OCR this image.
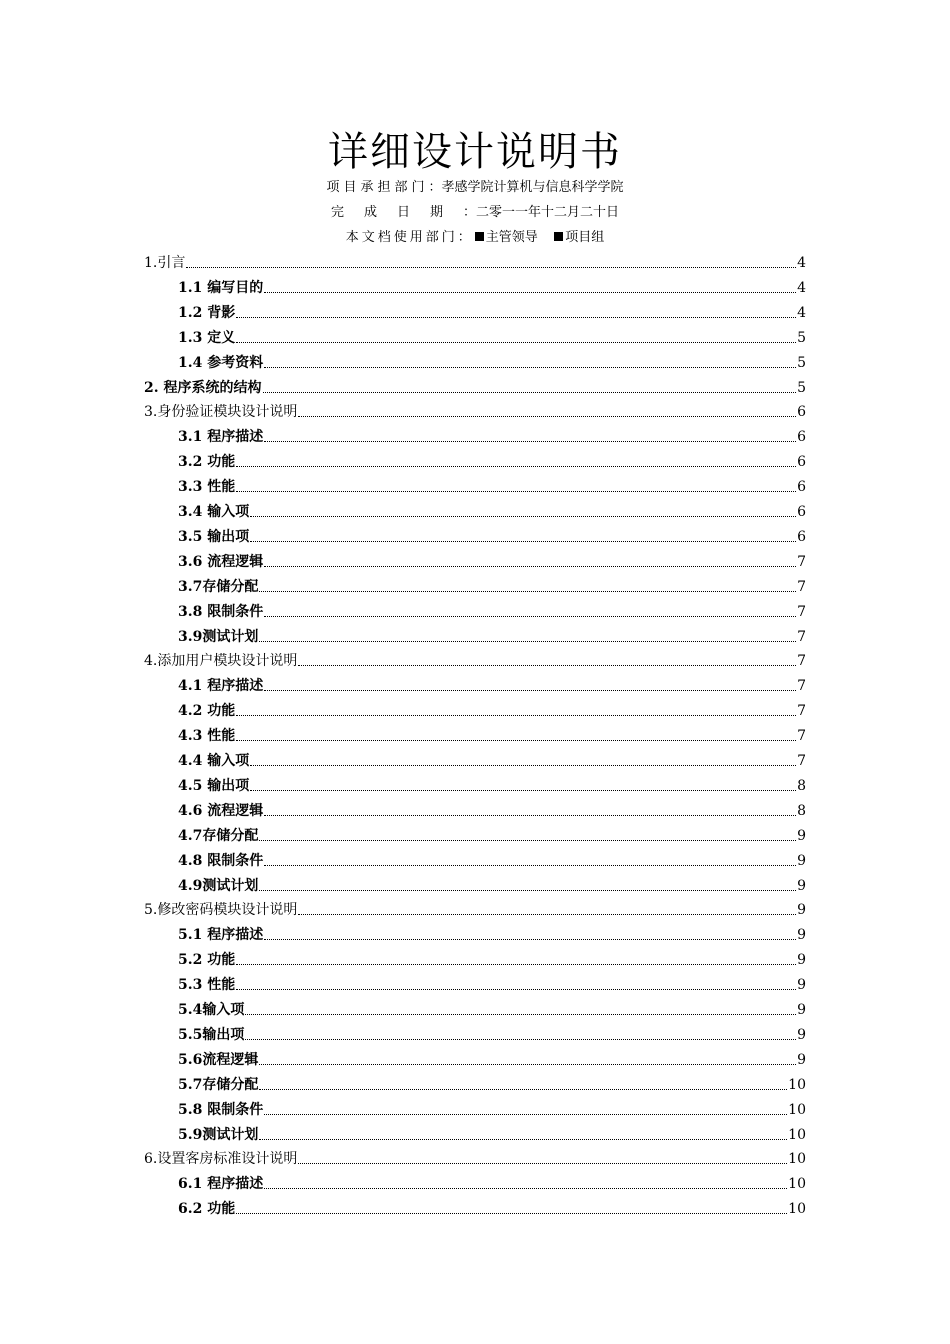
详细设计说明书
项目承担部门：孝感学院计算机与信息科学学院
完成日期：二零一一年十二月二十日
本文档使用部门： 主管领导 项目组
1.引言	4
1.1 编写目的	4
1.2 背影	4
1.3 定义	5
1.4 参考资料	5
2. 程序系统的结构	5
3.身份验证模块设计说明	6
3.1 程序描述	6
3.2 功能	6
3.3 性能	6
3.4 输入项	6
3.5 输出项	6
3.6 流程逻辑	7
3.7存储分配	7
3.8 限制条件	7
3.9测试计划	7
4.添加用户模块设计说明	7
4.1 程序描述	7
4.2 功能	7
4.3 性能	7
4.4 输入项	7
4.5 输出项	8
4.6 流程逻辑	8
4.7存储分配	9
4.8 限制条件	9
4.9测试计划	9
5.修改密码模块设计说明	9
5.1 程序描述	9
5.2 功能	9
5.3 性能	9
5.4输入项	9
5.5输出项	9
5.6流程逻辑	9
5.7存储分配	10
5.8 限制条件	10
5.9测试计划	10
6.设置客房标准设计说明	10
6.1 程序描述	10
6.2 功能	10
